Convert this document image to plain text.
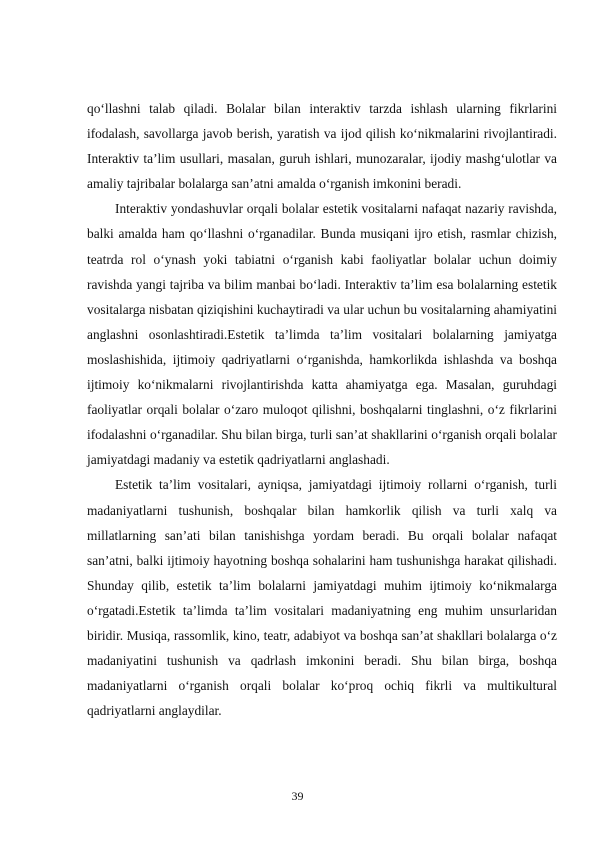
qo‘llashni talab qiladi. Bolalar bilan interaktiv tarzda ishlash ularning fikrlarini ifodalash, savollarga javob berish, yaratish va ijod qilish ko‘nikmalarini rivojlantiradi. Interaktiv ta’lim usullari, masalan, guruh ishlari, munozaralar, ijodiy mashg‘ulotlar va amaliy tajribalar bolalarga san’atni amalda o‘rganish imkonini beradi.

Interaktiv yondashuvlar orqali bolalar estetik vositalarni nafaqat nazariy ravishda, balki amalda ham qo‘llashni o‘rganadilar. Bunda musiqani ijro etish, rasmlar chizish, teatrda rol o‘ynash yoki tabiatni o‘rganish kabi faoliyatlar bolalar uchun doimiy ravishda yangi tajriba va bilim manbai bo‘ladi. Interaktiv ta’lim esa bolalarning estetik vositalarga nisbatan qiziqishini kuchaytiradi va ular uchun bu vositalarning ahamiyatini anglashni osonlashtiradi.Estetik ta’limda ta’lim vositalari bolalarning jamiyatga moslashishida, ijtimoiy qadriyatlarni o‘rganishda, hamkorlikda ishlashda va boshqa ijtimoiy ko‘nikmalarni rivojlantirishda katta ahamiyatga ega. Masalan, guruhdagi faoliyatlar orqali bolalar o‘zaro muloqot qilishni, boshqalarni tinglashni, o‘z fikrlarini ifodalashni o‘rganadilar. Shu bilan birga, turli san’at shakllarini o‘rganish orqali bolalar jamiyatdagi madaniy va estetik qadriyatlarni anglashadi.

Estetik ta’lim vositalari, ayniqsa, jamiyatdagi ijtimoiy rollarni o‘rganish, turli madaniyatlarni tushunish, boshqalar bilan hamkorlik qilish va turli xalq va millatlarning san’ati bilan tanishishga yordam beradi. Bu orqali bolalar nafaqat san’atni, balki ijtimoiy hayotning boshqa sohalarini ham tushunishga harakat qilishadi. Shunday qilib, estetik ta’lim bolalarni jamiyatdagi muhim ijtimoiy ko‘nikmalarga o‘rgatadi.Estetik ta’limda ta’lim vositalari madaniyatning eng muhim unsurlaridan biridir. Musiqa, rassomlik, kino, teatr, adabiyot va boshqa san’at shakllari bolalarga o‘z madaniyatini tushunish va qadrlash imkonini beradi. Shu bilan birga, boshqa madaniyatlarni o‘rganish orqali bolalar ko‘proq ochiq fikrli va multikultural qadriyatlarni anglaydilar.

39
